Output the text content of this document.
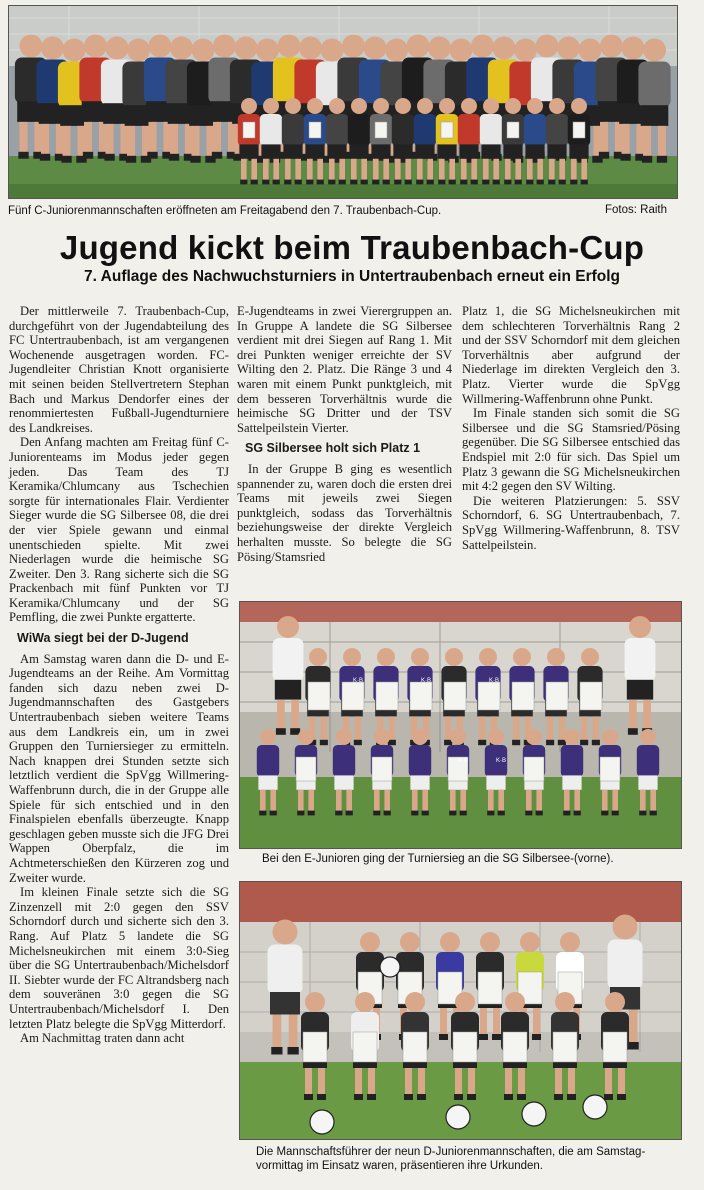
Fünf C-Juniorenmannschaften eröffneten am Freitagabend den 7. Traubenbach-Cup.	Fotos: Raith
Jugend kickt beim Traubenbach-Cup
7. Auflage des Nachwuchsturniers in Untertraubenbach erneut ein Erfolg

Der mittlerweile 7. Traubenbach-Cup, durchgeführt von der Jugendabteilung des FC Untertraubenbach, ist am vergangenen Wochenende ausgetragen worden. FC-Jugendleiter Christian Knott organisierte mit seinen beiden Stellvertretern Stephan Bach und Markus Dendorfer eines der renommiertesten Fußball-Jugendturniere des Landkreises.

Den Anfang machten am Freitag fünf C-Juniorenteams im Modus jeder gegen jeden. Das Team des TJ Keramika/Chlumcany aus Tschechien sorgte für internationales Flair. Verdienter Sieger wurde die SG Silbersee 08, die drei der vier Spiele gewann und einmal unentschieden spielte. Mit zwei Niederlagen wurde die heimische SG Zweiter. Den 3. Rang sicherte sich die SG Prackenbach mit fünf Punkten vor TJ Keramika/Chlumcany und der SG Pemfling, die zwei Punkte ergatterte.

WiWa siegt bei der D-Jugend

Am Samstag waren dann die D- und E-Jugendteams an der Reihe. Am Vormittag fanden sich dazu neben zwei D-Jugendmannschaften des Gastgebers Untertraubenbach sieben weitere Teams aus dem Landkreis ein, um in zwei Gruppen den Turniersieger zu ermitteln. Nach knappen drei Stunden setzte sich letztlich verdient die SpVgg Willmering-Waffenbrunn durch, die in der Gruppe alle Spiele für sich entschied und in den Finalspielen ebenfalls überzeugte. Knapp geschlagen geben musste sich die JFG Drei Wappen Oberpfalz, die im Achtmeterschießen den Kürzeren zog und Zweiter wurde.

Im kleinen Finale setzte sich die SG Zinzenzell mit 2:0 gegen den SSV Schorndorf durch und sicherte sich den 3. Rang. Auf Platz 5 landete die SG Michelsneukirchen mit einem 3:0-Sieg über die SG Untertraubenbach/Michelsdorf II. Siebter wurde der FC Altrandsberg nach dem souveränen 3:0 gegen die SG Untertraubenbach/Michelsdorf I. Den letzten Platz belegte die SpVgg Mitterdorf.

Am Nachmittag traten dann acht

E-Jugendteams in zwei Vierergruppen an. In Gruppe A landete die SG Silbersee verdient mit drei Siegen auf Rang 1. Mit drei Punkten weniger erreichte der SV Wilting den 2. Platz. Die Ränge 3 und 4 waren mit einem Punkt punktgleich, mit dem besseren Torverhältnis wurde die heimische SG Dritter und der TSV Sattelpeilstein Vierter.

SG Silbersee holt sich Platz 1

In der Gruppe B ging es wesentlich spannender zu, waren doch die ersten drei Teams mit jeweils zwei Siegen punktgleich, sodass das Torverhältnis beziehungsweise der direkte Vergleich herhalten musste. So belegte die SG Pösing/Stamsried

Platz 1, die SG Michelsneukirchen mit dem schlechteren Torverhältnis Rang 2 und der SSV Schorndorf mit dem gleichen Torverhältnis aber aufgrund der Niederlage im direkten Vergleich den 3. Platz. Vierter wurde die SpVgg Willmering-Waffenbrunn ohne Punkt.

Im Finale standen sich somit die SG Silbersee und die SG Stamsried/Pösing gegenüber. Die SG Silbersee entschied das Endspiel mit 2:0 für sich. Das Spiel um Platz 3 gewann die SG Michelsneukirchen mit 4:2 gegen den SV Wilting.

Die weiteren Platzierungen: 5. SSV Schorndorf, 6. SG Untertraubenbach, 7. SpVgg Willmering-Waffenbrunn, 8. TSV Sattelpeilstein.

K·B	K·B	K·B
K·B	K·B
Bei den E-Junioren ging der Turniersieg an die SG Silbersee-(vorne).
Die Mannschaftsführer der neun D-Juniorenmannschaften, die am Samstag-
vormittag im Einsatz waren, präsentieren ihre Urkunden.
